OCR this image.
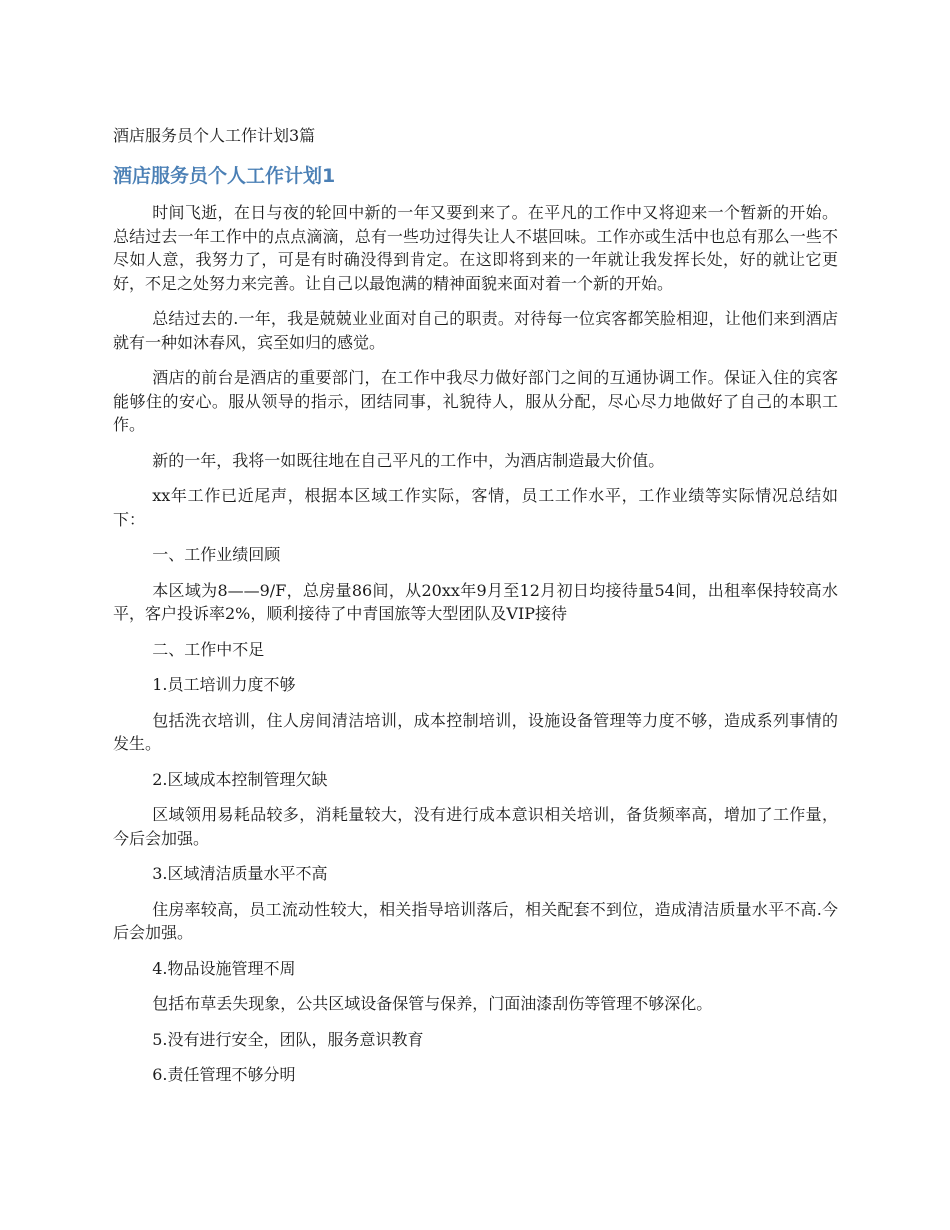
酒店服务员个人工作计划3篇

酒店服务员个人工作计划1

时间飞逝，在日与夜的轮回中新的一年又要到来了。在平凡的工作中又将迎来一个暂新的开始。总结过去一年工作中的点点滴滴，总有一些功过得失让人不堪回味。工作亦或生活中也总有那么一些不尽如人意，我努力了，可是有时确没得到肯定。在这即将到来的一年就让我发挥长处，好的就让它更好，不足之处努力来完善。让自己以最饱满的精神面貌来面对着一个新的开始。

总结过去的.一年，我是兢兢业业面对自己的职责。对待每一位宾客都笑脸相迎，让他们来到酒店就有一种如沐春风，宾至如归的感觉。

酒店的前台是酒店的重要部门，在工作中我尽力做好部门之间的互通协调工作。保证入住的宾客能够住的安心。服从领导的指示，团结同事，礼貌待人，服从分配，尽心尽力地做好了自己的本职工作。

新的一年，我将一如既往地在自己平凡的工作中，为酒店制造最大价值。

xx年工作已近尾声，根据本区域工作实际，客情，员工工作水平，工作业绩等实际情况总结如下：

一、工作业绩回顾

本区域为8——9/F，总房量86间，从20xx年9月至12月初日均接待量54间，出租率保持较高水平，客户投诉率2%，顺利接待了中青国旅等大型团队及VIP接待

二、工作中不足

1.员工培训力度不够

包括洗衣培训，住人房间清洁培训，成本控制培训，设施设备管理等力度不够，造成系列事情的发生。

2.区域成本控制管理欠缺

区域领用易耗品较多，消耗量较大，没有进行成本意识相关培训，备货频率高，增加了工作量，今后会加强。

3.区域清洁质量水平不高

住房率较高，员工流动性较大，相关指导培训落后，相关配套不到位，造成清洁质量水平不高.今后会加强。

4.物品设施管理不周

包括布草丢失现象，公共区域设备保管与保养，门面油漆刮伤等管理不够深化。

5.没有进行安全，团队，服务意识教育

6.责任管理不够分明
